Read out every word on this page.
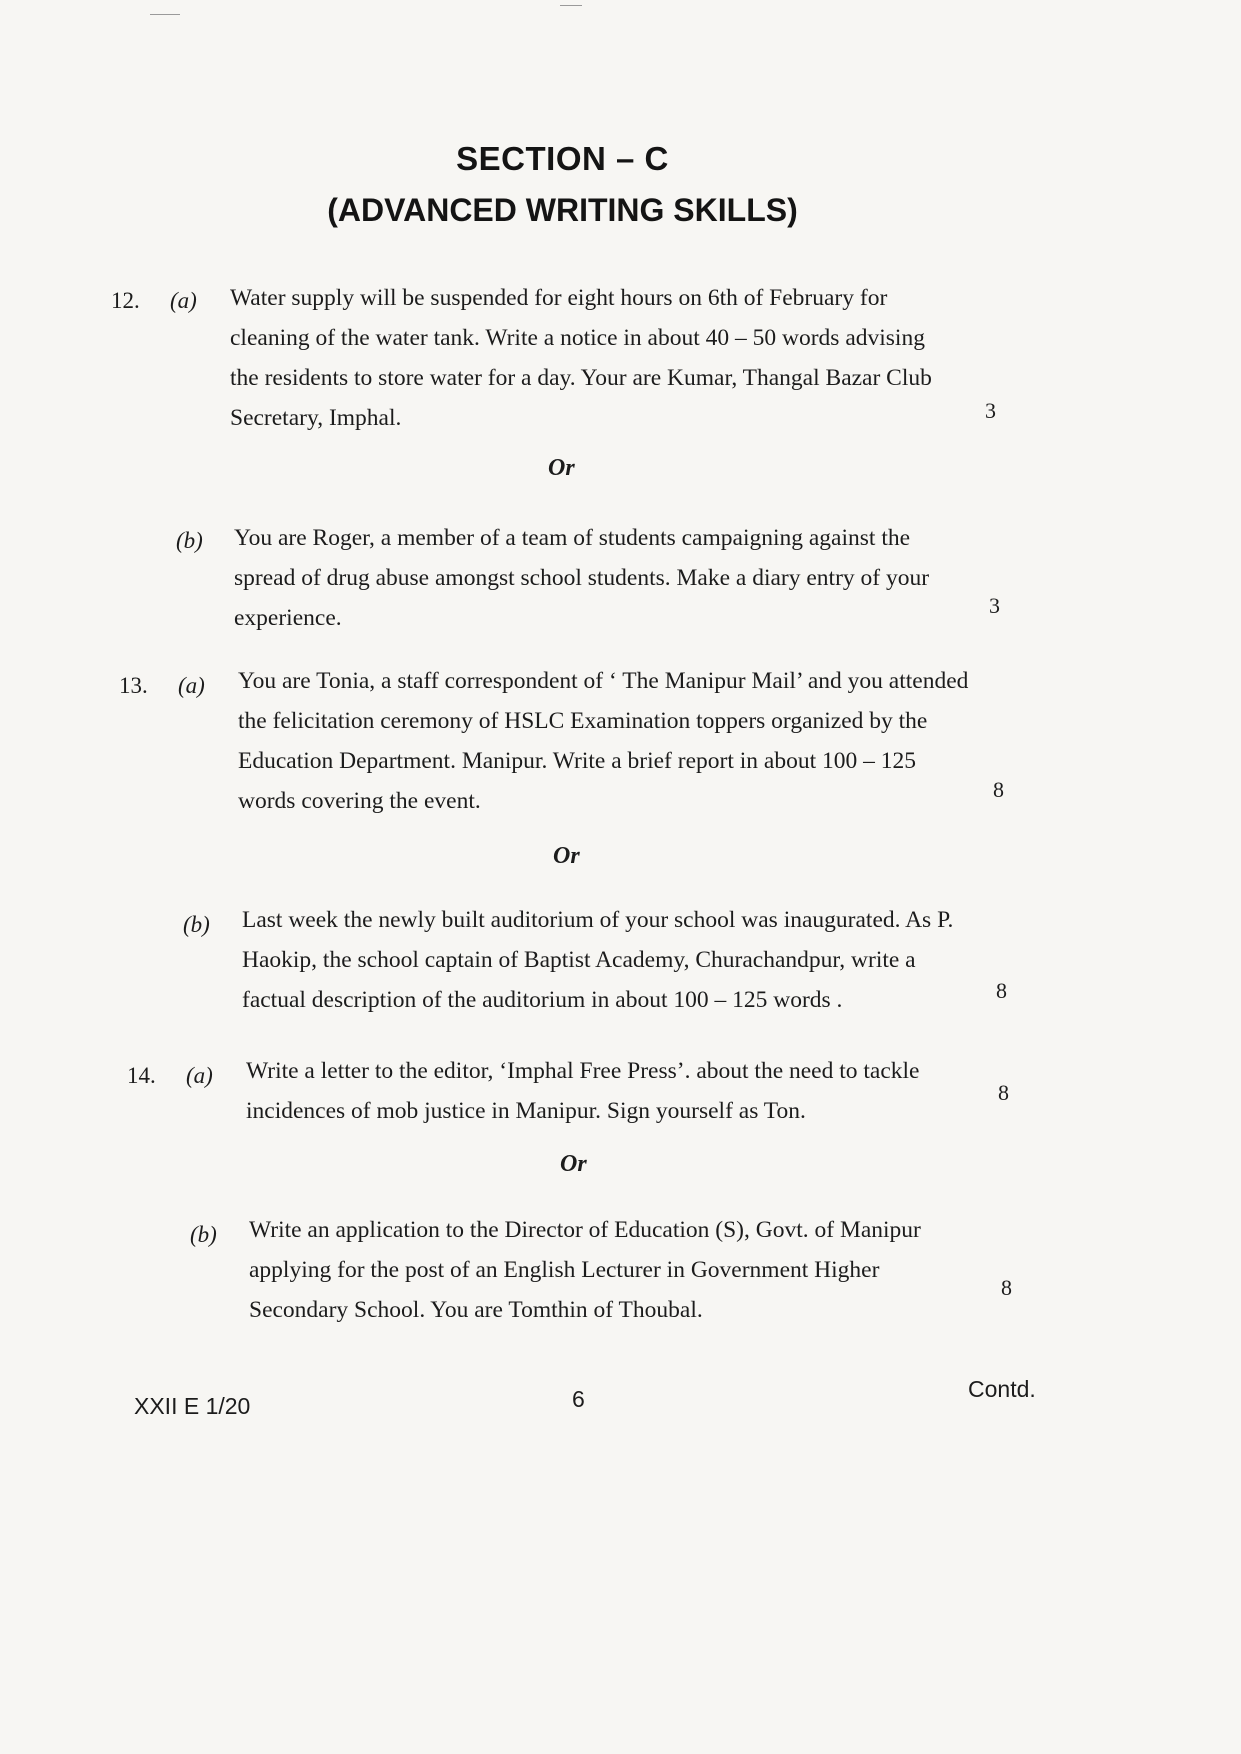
SECTION – C
(ADVANCED WRITING SKILLS)
12. (a) Water supply will be suspended for eight hours on 6th of February for
cleaning of the water tank. Write a notice in about 40 – 50 words advising
the residents to store water for a day. Your are Kumar, Thangal Bazar Club
Secretary, Imphal.	3
Or
(b) You are Roger, a member of a team of students campaigning against the
spread of drug abuse amongst school students. Make a diary entry of your
experience.	3
13. (a) You are Tonia, a staff correspondent of ‘ The Manipur Mail’ and you attended
the felicitation ceremony of HSLC Examination toppers organized by the
Education Department. Manipur. Write a brief report in about 100 – 125
words covering the event.	8
Or
(b) Last week the newly built auditorium of your school was inaugurated. As P.
Haokip, the school captain of Baptist Academy, Churachandpur, write a
factual description of the auditorium in about 100 – 125 words .	8
14. (a) Write a letter to the editor, ‘Imphal Free Press’. about the need to tackle
incidences of mob justice in Manipur. Sign yourself as Ton.
8
Or
(b) Write an application to the Director of Education (S), Govt. of Manipur
applying for the post of an English Lecturer in Government Higher
Secondary School. You are Tomthin of Thoubal.
8
XXII E 1/20	6	Contd.
